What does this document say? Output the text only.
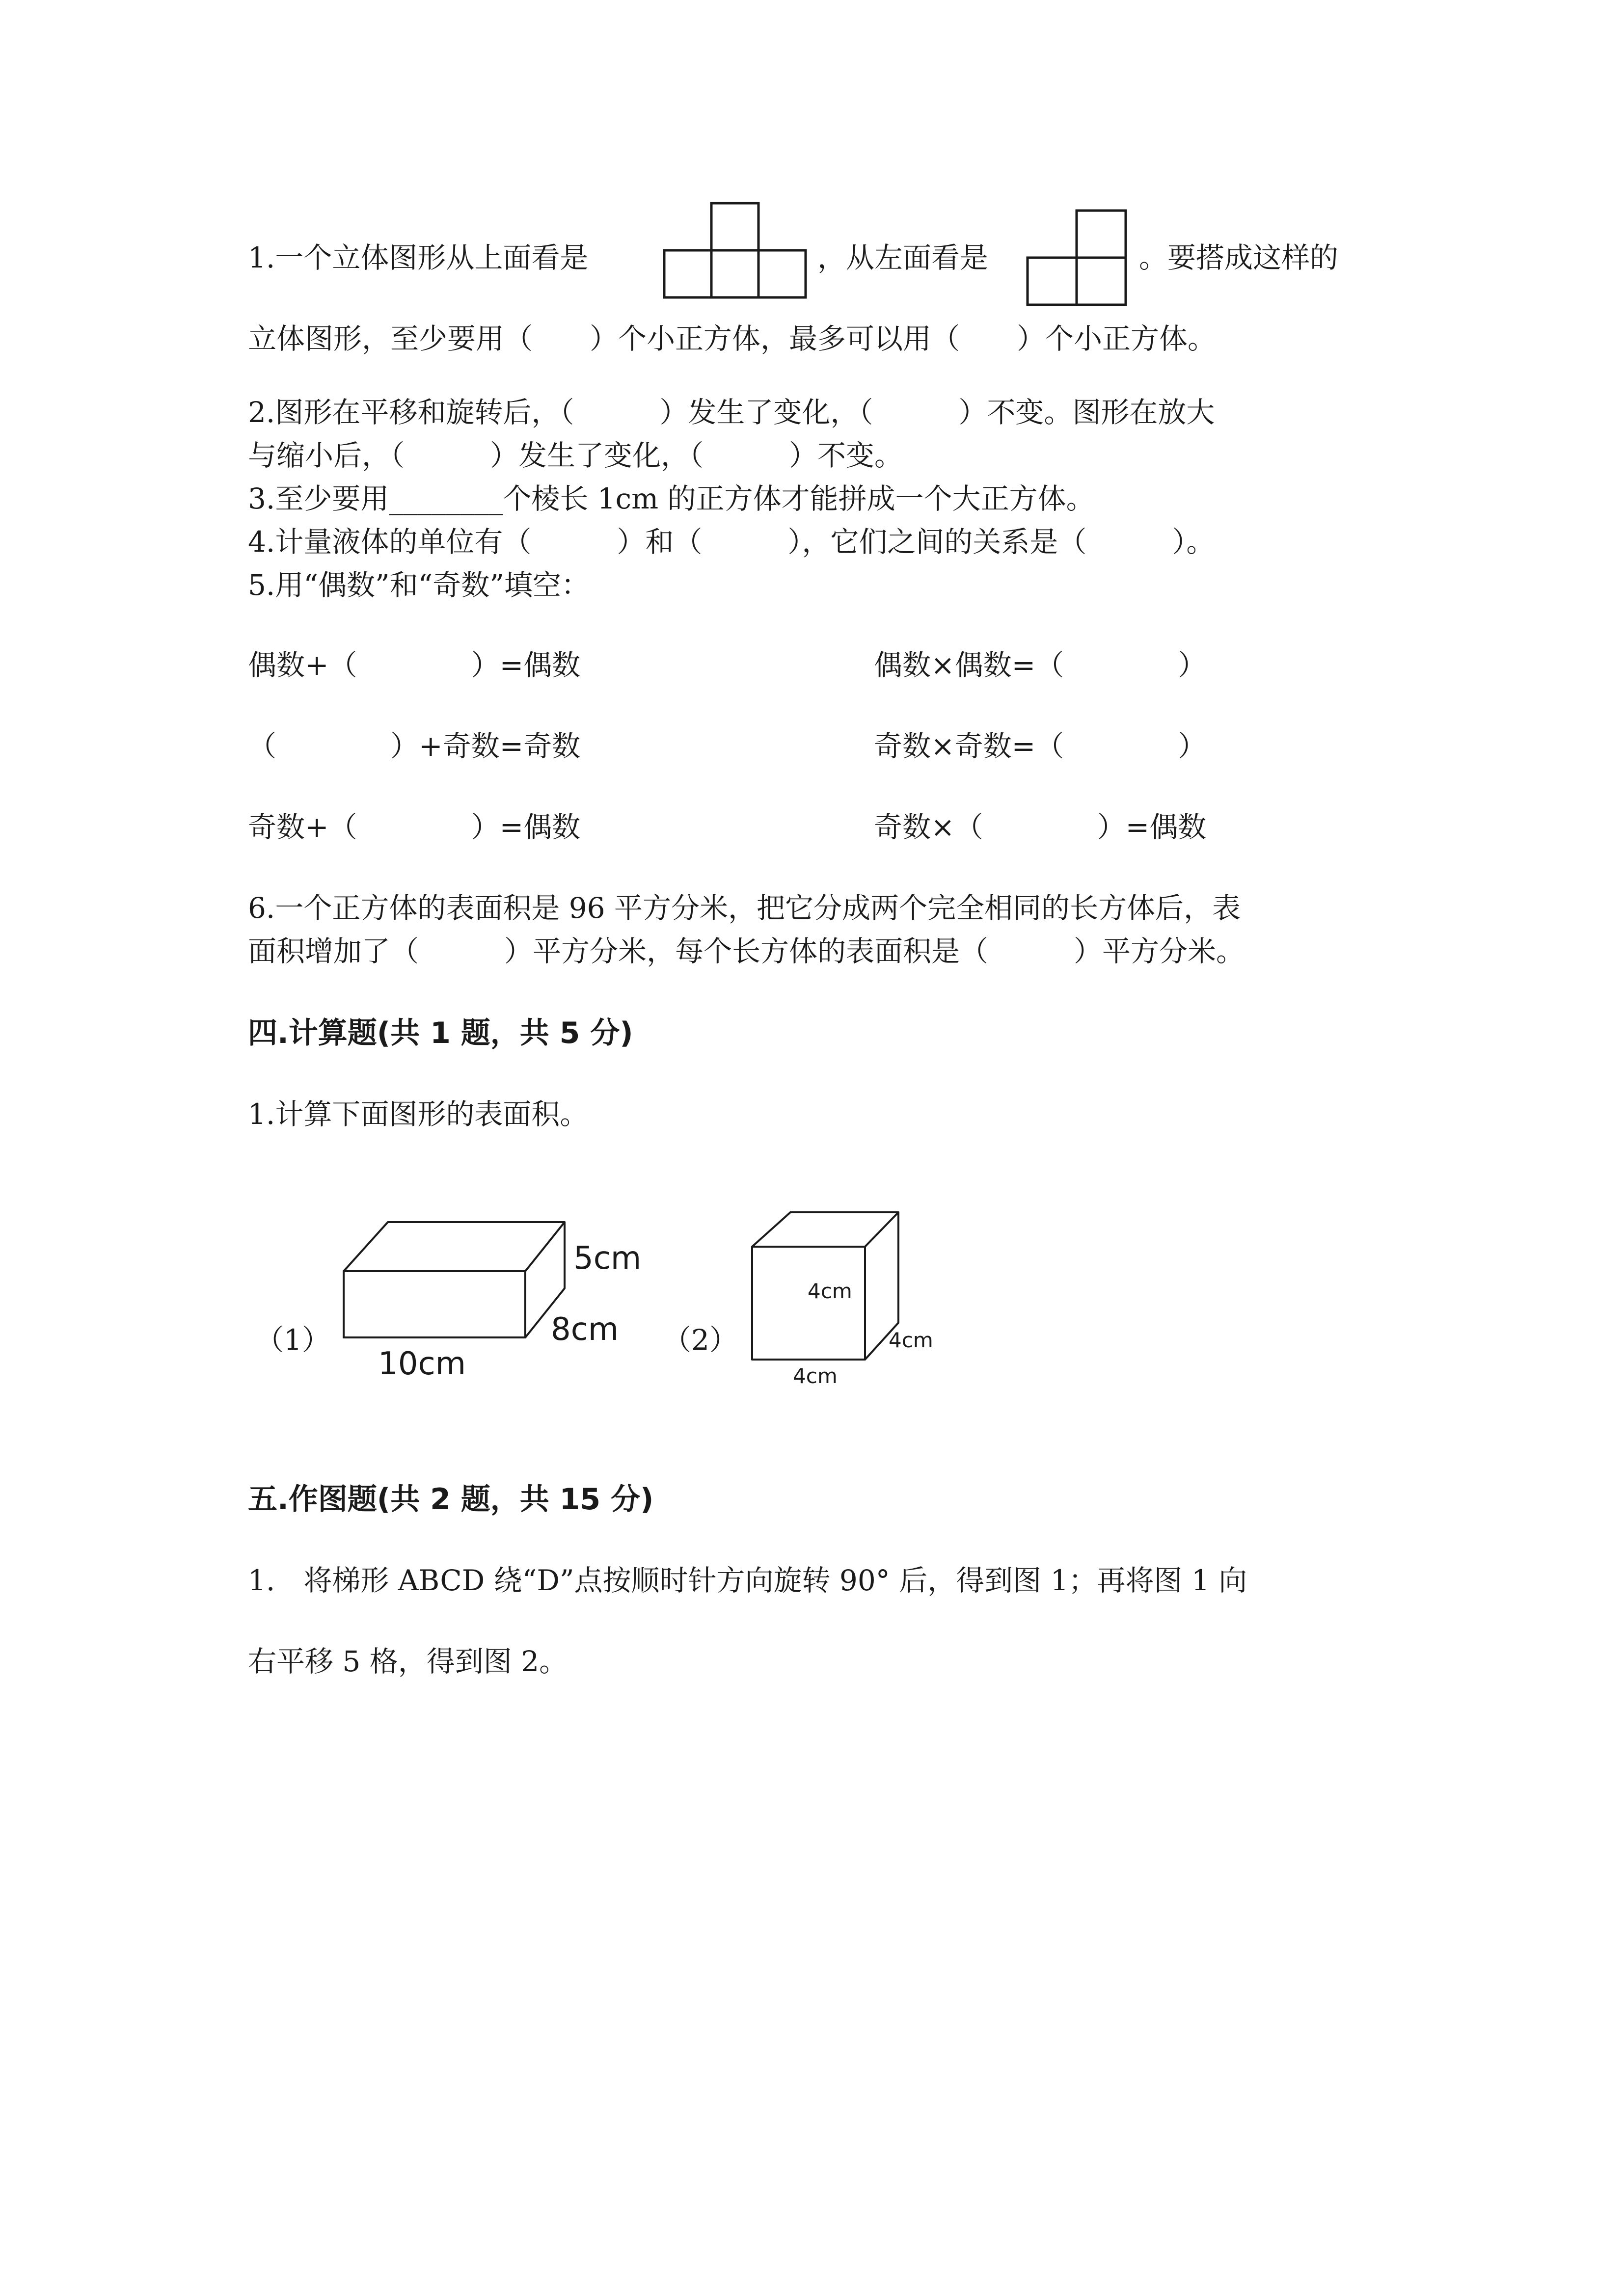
1.一个立体图形从上面看是	，从左面看是	。要搭成这样的
立体图形，至少要用（　　）个小正方体，最多可以用（　　）个小正方体。
2.图形在平移和旋转后，（　　　）发生了变化，（　　　）不变。图形在放大
与缩小后，（　　　）发生了变化，（　　　）不变。
3.至少要用________个棱长 1cm 的正方体才能拼成一个大正方体。
4.计量液体的单位有（　　　）和（　　　），它们之间的关系是（　　　）。
5.用“偶数”和“奇数”填空：
偶数+（　　　　）=偶数	偶数×偶数=（　　　　）
（　　　　）+奇数=奇数	奇数×奇数=（　　　　）
奇数+（　　　　）=偶数	奇数×（　　　　）=偶数
6.一个正方体的表面积是 96 平方分米，把它分成两个完全相同的长方体后，表
面积增加了（　　　）平方分米，每个长方体的表面积是（　　　）平方分米。
四.计算题(共 1 题，共 5 分)
1.计算下面图形的表面积。
（1）
5cm
8cm
10cm
（2）
4cm
4cm
4cm
五.作图题(共 2 题，共 15 分)
1.　将梯形 ABCD 绕“D”点按顺时针方向旋转 90° 后，得到图 1；再将图 1 向
右平移 5 格，得到图 2。
